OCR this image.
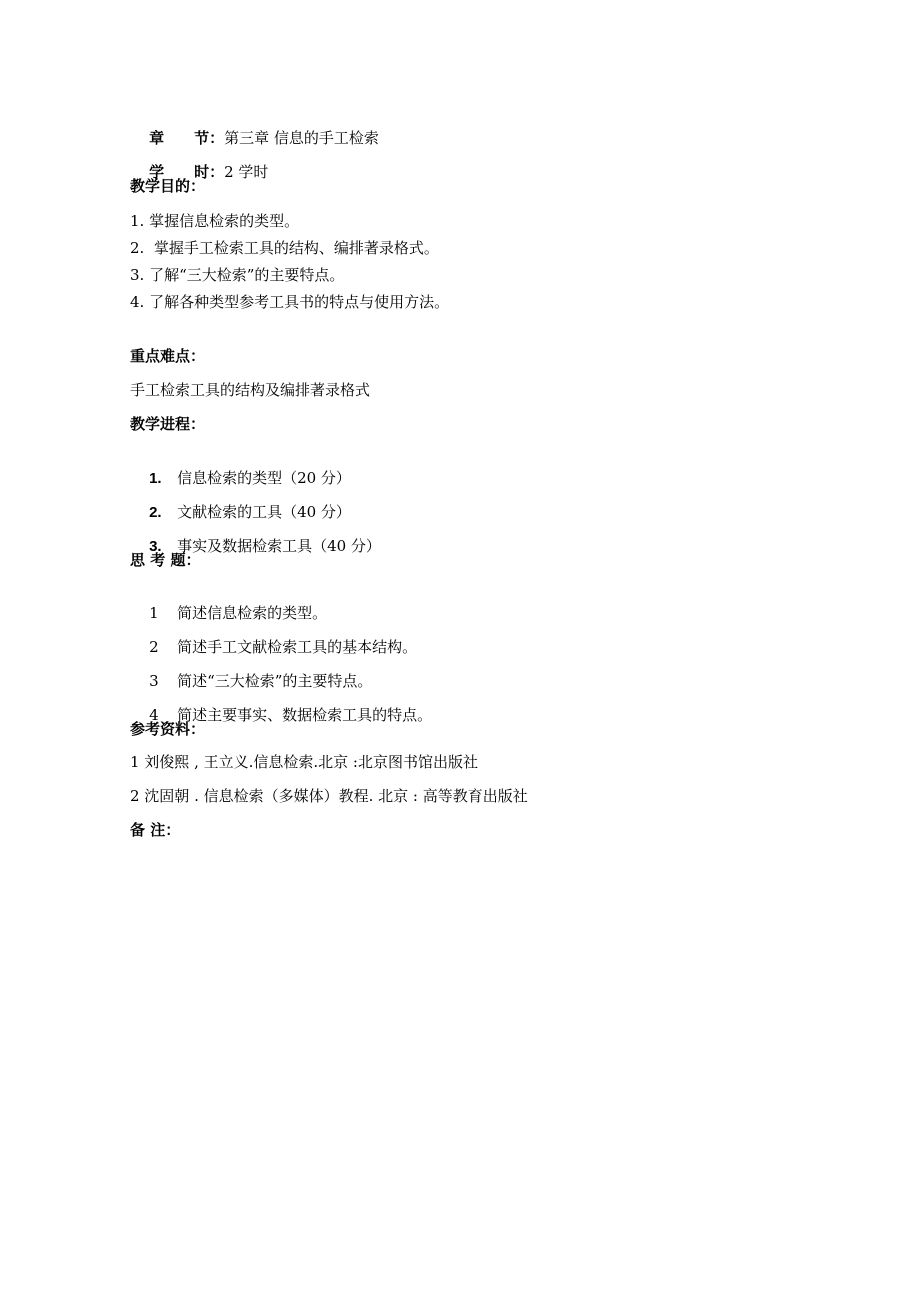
章　　节：第三章 信息的手工检索

学　　时：2 学时

教学目的：
1. 掌握信息检索的类型。
2.  掌握手工检索工具的结构、编排著录格式。
3. 了解“三大检索”的主要特点。
4. 了解各种类型参考工具书的特点与使用方法。
重点难点：
手工检索工具的结构及编排著录格式
教学进程：

1. 信息检索的类型（20 分）

2. 文献检索的工具（40 分）

3. 事实及数据检索工具（40 分）

思 考 题：

1 简述信息检索的类型。

2 简述手工文献检索工具的基本结构。

3 简述“三大检索”的主要特点。

4 简述主要事实、数据检索工具的特点。

参考资料：
1 刘俊熙 , 王立义.信息检索.北京 :北京图书馆出版社
2 沈固朝 . 信息检索（多媒体）教程. 北京 : 高等教育出版社
备 注：
